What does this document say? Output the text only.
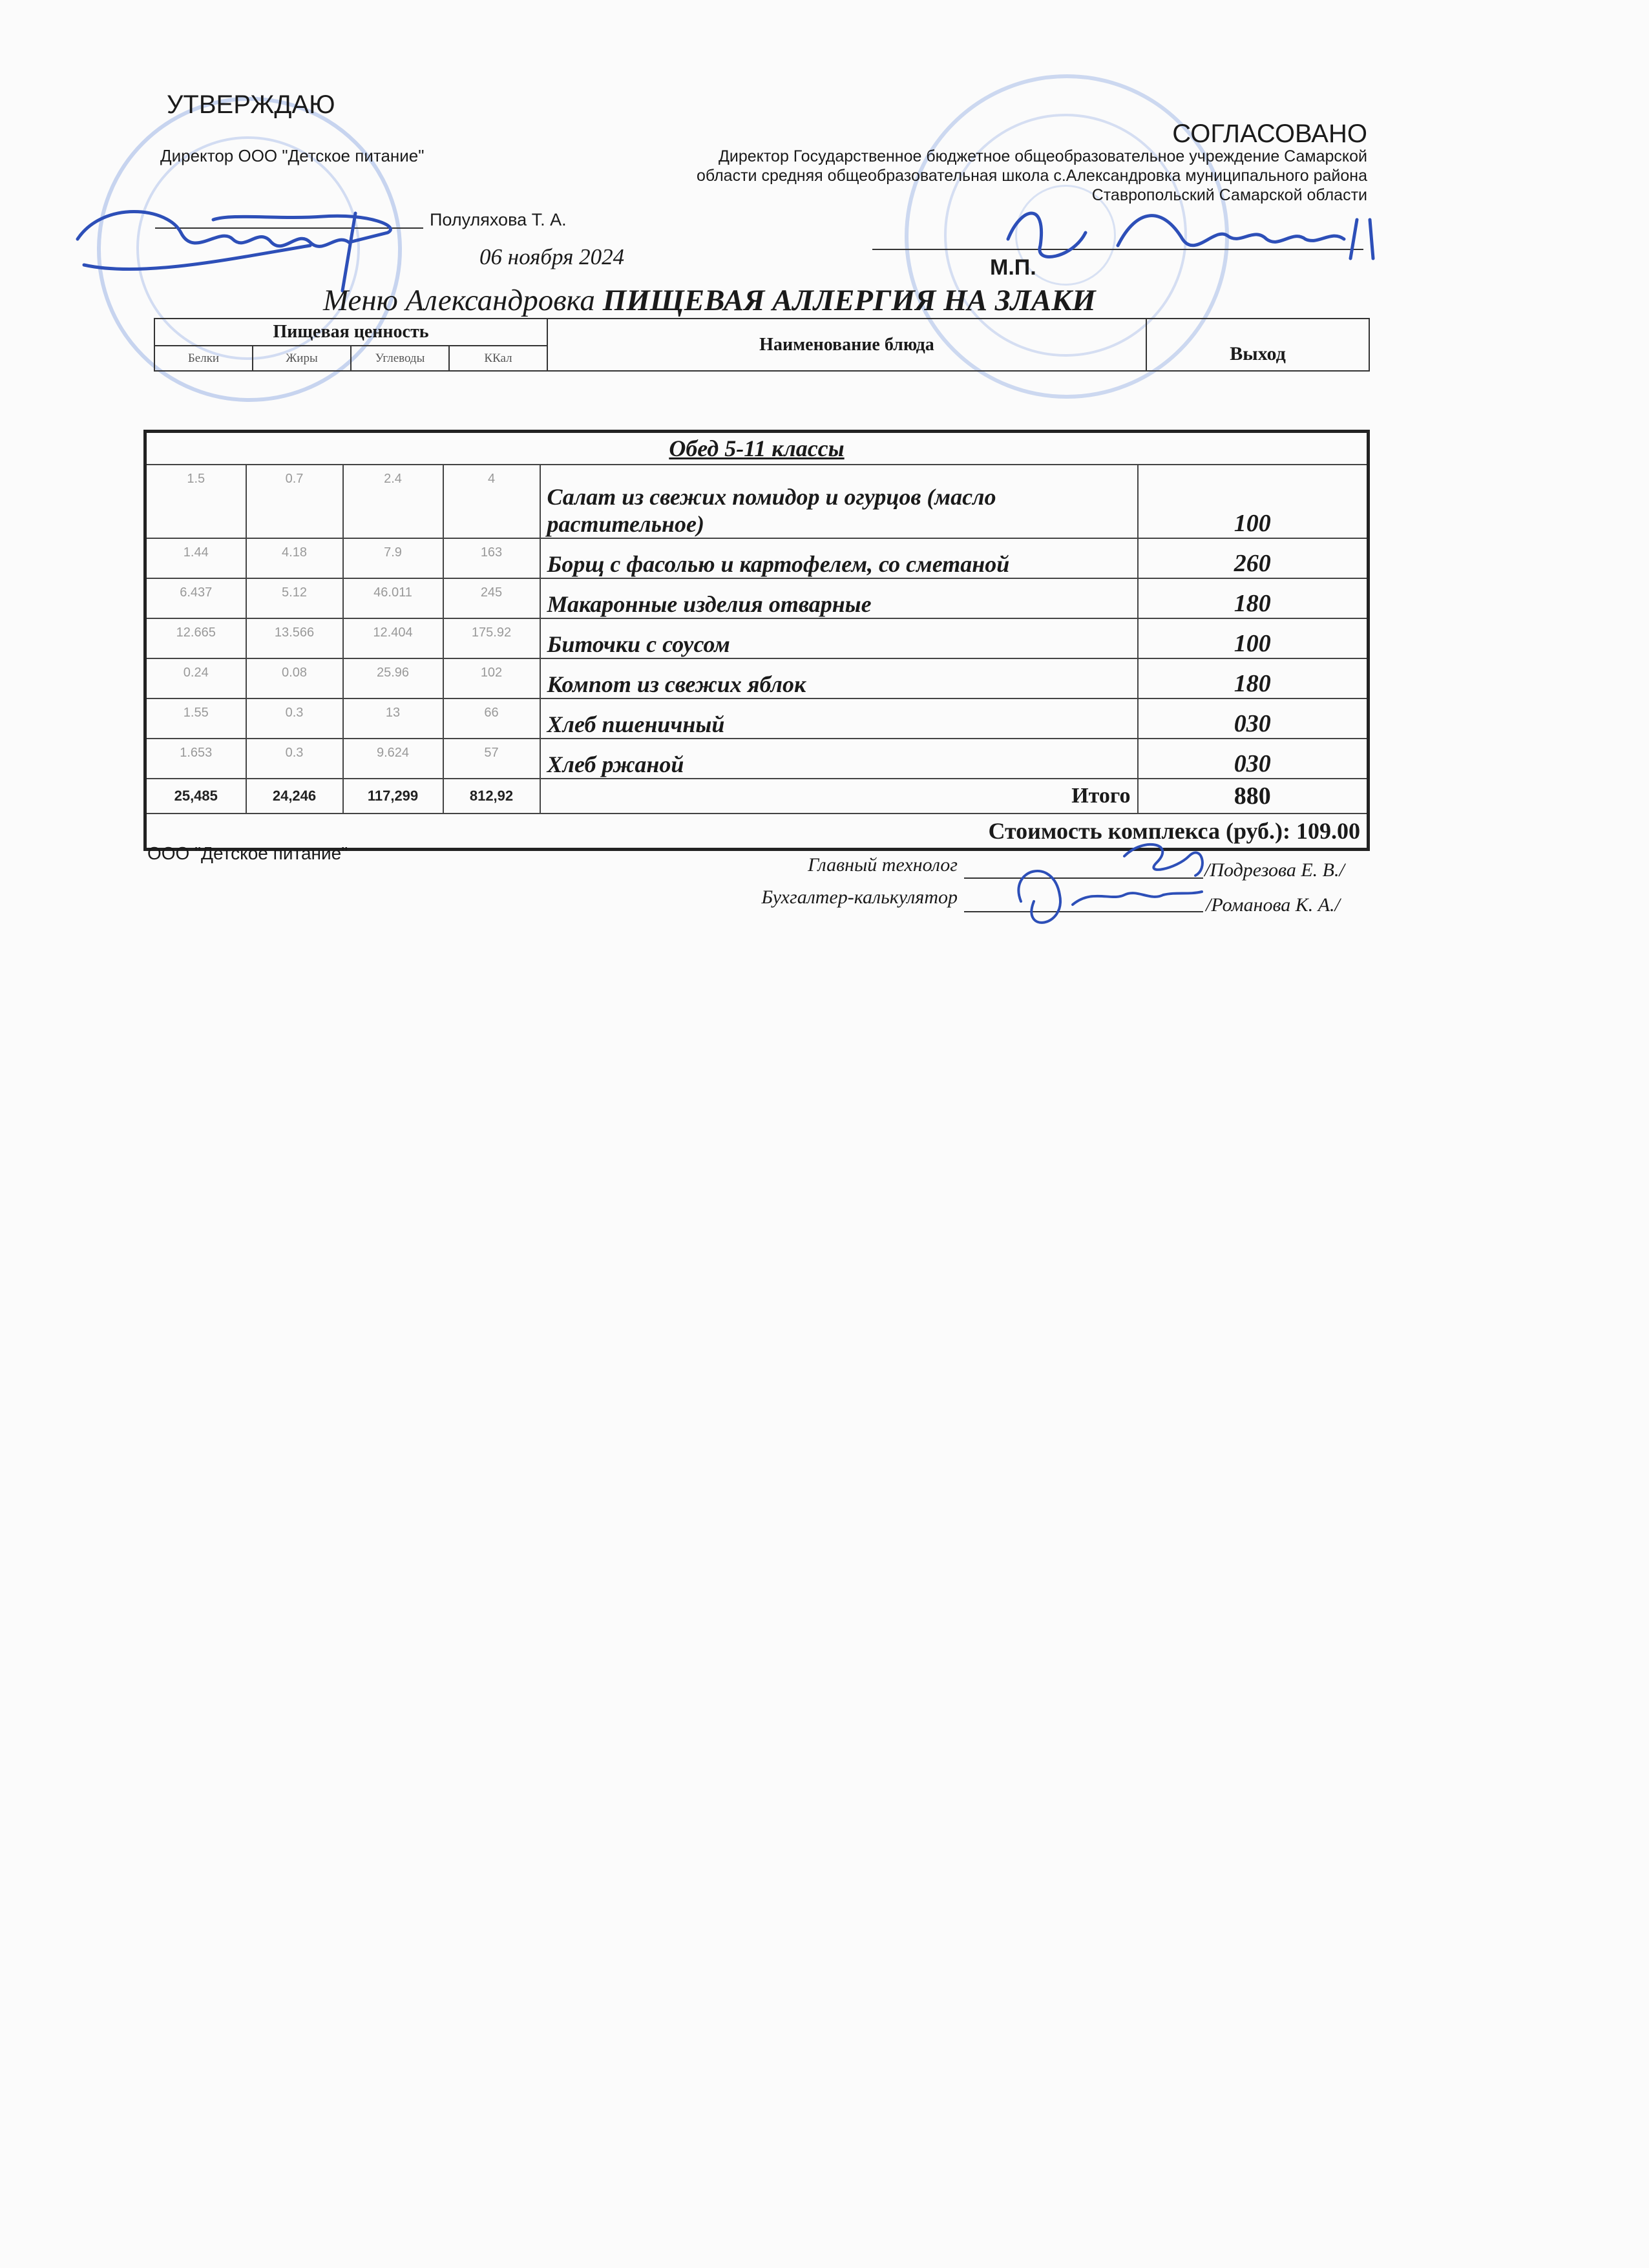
УТВЕРЖДАЮ
Директор ООО "Детское питание"
Полуляхова Т. А.
06 ноября 2024
СОГЛАСОВАНО
Директор Государственное бюджетное общеобразовательное учреждение Самарской
области средняя общеобразовательная школа с.Александровка муниципального района
Ставропольский Самарской области
М.П.
Меню Александровка ПИЩЕВАЯ АЛЛЕРГИЯ НА ЗЛАКИ
Пищевая ценность				Наименование блюда	Выход
Белки	Жиры	Углеводы	ККал		
Обед 5-11 классы					
1.5	0.7	2.4	4	Салат из свежих помидор и огурцов (масло растительное)	100
1.44	4.18	7.9	163	Борщ с фасолью и картофелем, со сметаной	260
6.437	5.12	46.011	245	Макаронные изделия отварные	180
12.665	13.566	12.404	175.92	Биточки с соусом	100
0.24	0.08	25.96	102	Компот из свежих яблок	180
1.55	0.3	13	66	Хлеб пшеничный	030
1.653	0.3	9.624	57	Хлеб ржаной	030
25,485	24,246	117,299	812,92	Итого	880
Стоимость комплекса (руб.): 109.00					
ООО "Детское питание"
Главный технолог	/Подрезова Е. В./
Бухгалтер-калькулятор	/Романова К. А./
